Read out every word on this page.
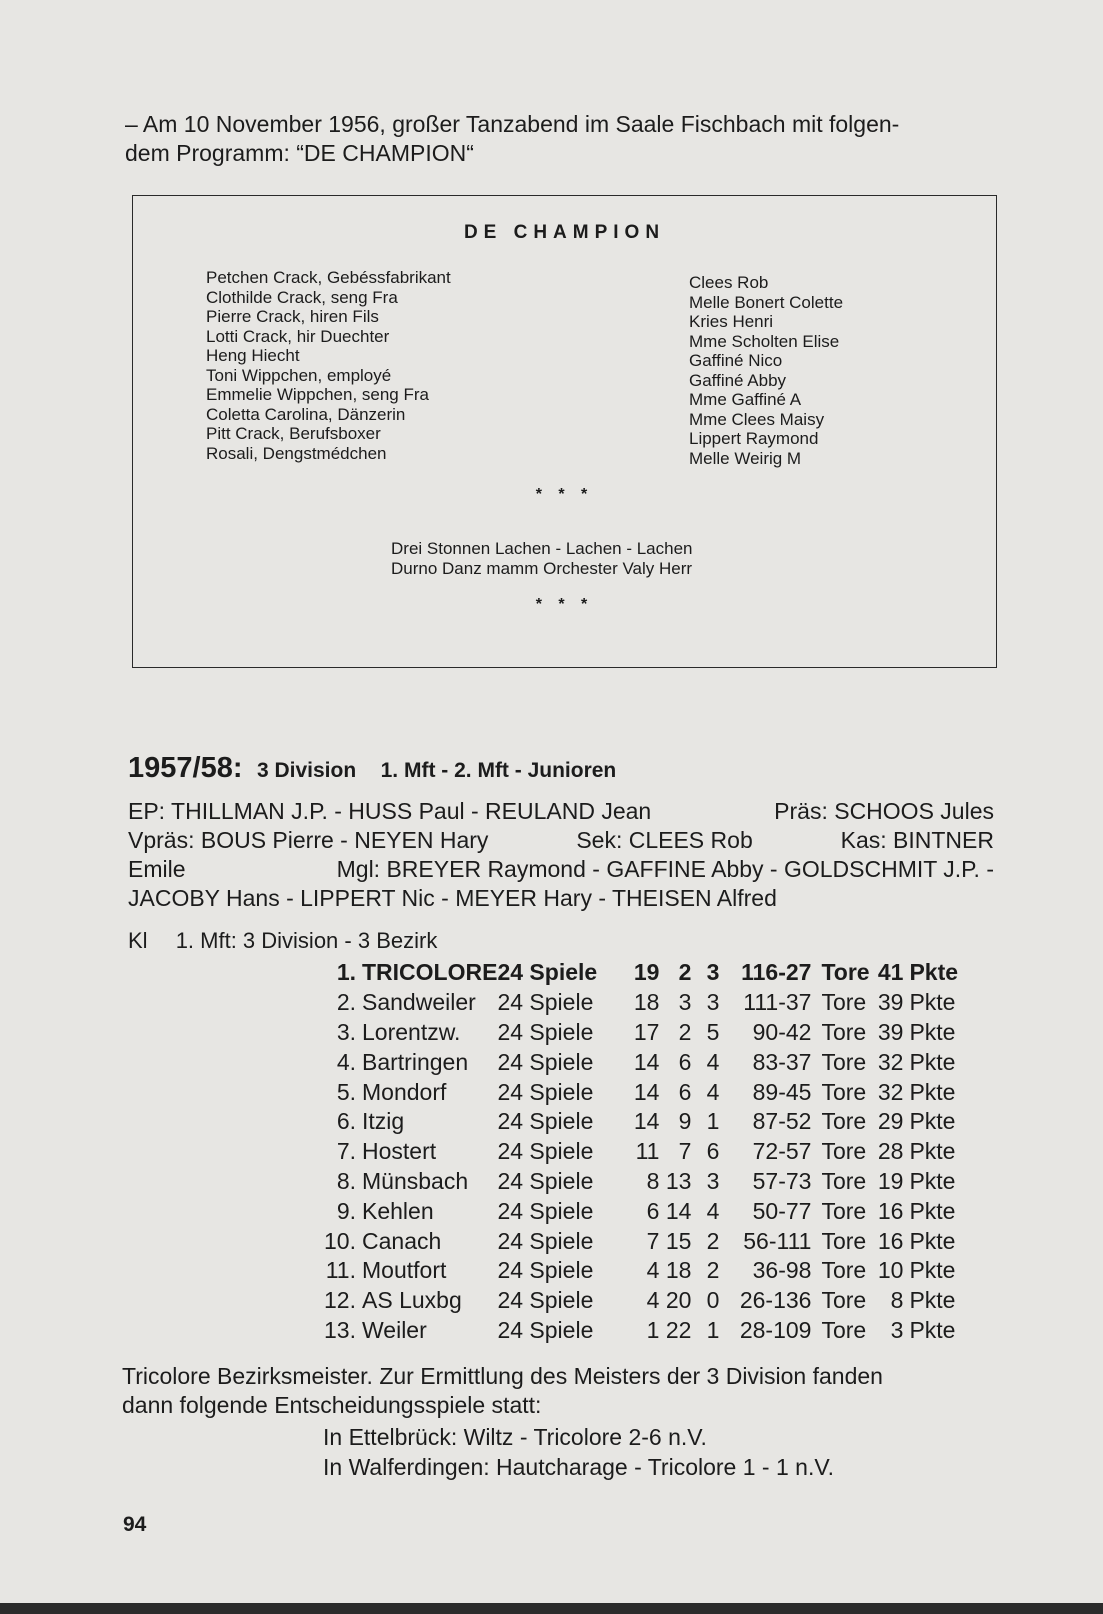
– Am 10 November 1956, großer Tanzabend im Saale Fischbach mit folgen-

dem Programm: “DE CHAMPION“

DE CHAMPION
Petchen Crack, Gebéssfabrikant
Clothilde Crack, seng Fra
Pierre Crack, hiren Fils
Lotti Crack, hir Duechter
Heng Hiecht
Toni Wippchen, employé
Emmelie Wippchen, seng Fra
Coletta Carolina, Dänzerin
Pitt Crack, Berufsboxer
Rosali, Dengstmédchen
Clees Rob
Melle Bonert Colette
Kries Henri
Mme Scholten Elise
Gaffiné Nico
Gaffiné Abby
Mme Gaffiné A
Mme Clees Maisy
Lippert Raymond
Melle Weirig M
* * *
Drei Stonnen Lachen - Lachen - Lachen
Durno Danz mamm Orchester Valy Herr
* * *
1957/58: 3 Division 1. Mft - 2. Mft - Junioren
EP: THILLMAN J.P. - HUSS Paul - REULAND Jean	Präs: SCHOOS Jules
Vpräs: BOUS Pierre - NEYEN Hary	Sek: CLEES Rob	Kas: BINTNER
Emile	Mgl: BREYER Raymond - GAFFINE Abby - GOLDSCHMIT J.P. -
JACOBY Hans - LIPPERT Nic - MEYER Hary - THEISEN Alfred
Kl 1. Mft: 3 Division - 3 Bezirk
1.	TRICOLORE	24 Spiele	19	2	3	116-27	Tore	41	Pkte
2.	Sandweiler	24 Spiele	18	3	3	111-37	Tore	39	Pkte
3.	Lorentzw.	24 Spiele	17	2	5	90-42	Tore	39	Pkte
4.	Bartringen	24 Spiele	14	6	4	83-37	Tore	32	Pkte
5.	Mondorf	24 Spiele	14	6	4	89-45	Tore	32	Pkte
6.	Itzig	24 Spiele	14	9	1	87-52	Tore	29	Pkte
7.	Hostert	24 Spiele	11	7	6	72-57	Tore	28	Pkte
8.	Münsbach	24 Spiele	8	13	3	57-73	Tore	19	Pkte
9.	Kehlen	24 Spiele	6	14	4	50-77	Tore	16	Pkte
10.	Canach	24 Spiele	7	15	2	56-111	Tore	16	Pkte
11.	Moutfort	24 Spiele	4	18	2	36-98	Tore	10	Pkte
12.	AS Luxbg	24 Spiele	4	20	0	26-136	Tore	8	Pkte
13.	Weiler	24 Spiele	1	22	1	28-109	Tore	3	Pkte

Tricolore Bezirksmeister. Zur Ermittlung des Meisters der 3 Division fanden

dann folgende Entscheidungsspiele statt:

In Ettelbrück: Wiltz - Tricolore 2-6 n.V.
In Walferdingen: Hautcharage - Tricolore 1 - 1 n.V.
94
